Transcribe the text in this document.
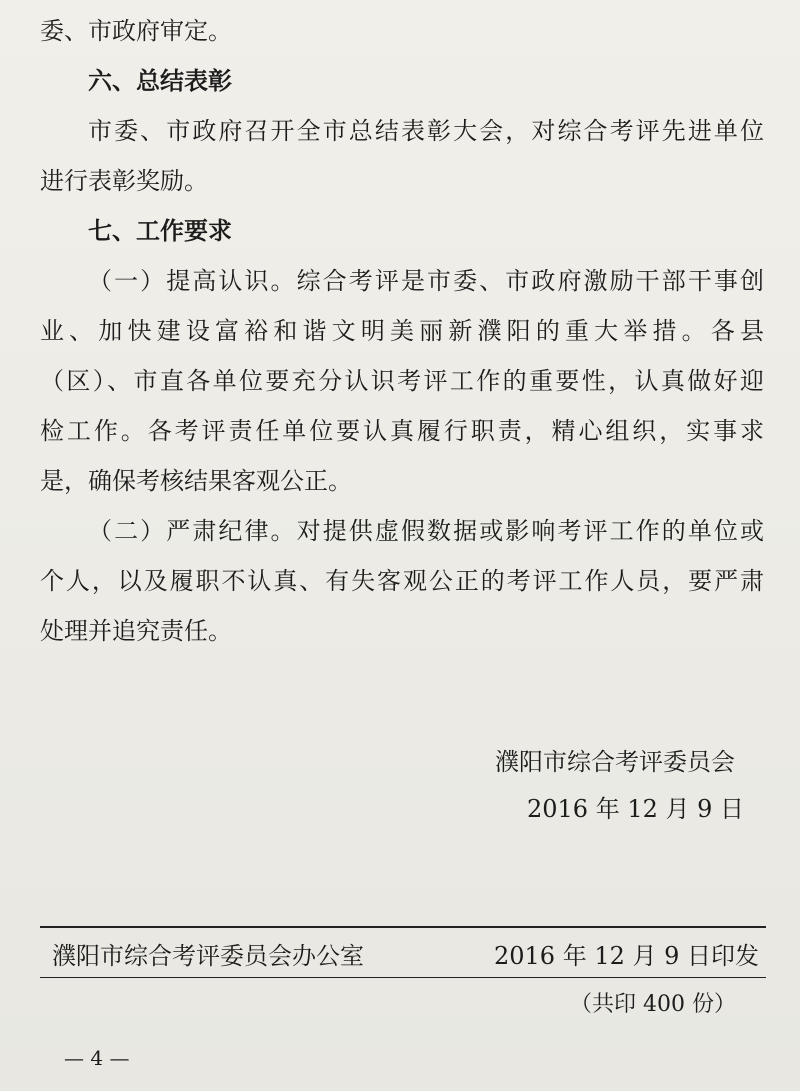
委、市政府审定。
六、总结表彰
市委、市政府召开全市总结表彰大会，对综合考评先进单位
进行表彰奖励。
七、工作要求
（一）提高认识。综合考评是市委、市政府激励干部干事创
业、加快建设富裕和谐文明美丽新濮阳的重大举措。各县
（区）、市直各单位要充分认识考评工作的重要性，认真做好迎
检工作。各考评责任单位要认真履行职责，精心组织，实事求
是，确保考核结果客观公正。
（二）严肃纪律。对提供虚假数据或影响考评工作的单位或
个人，以及履职不认真、有失客观公正的考评工作人员，要严肃
处理并追究责任。
濮阳市综合考评委员会
2016 年 12 月 9 日
濮阳市综合考评委员会办公室	2016 年 12 月 9 日印发
（共印 400 份）
— 4 —
